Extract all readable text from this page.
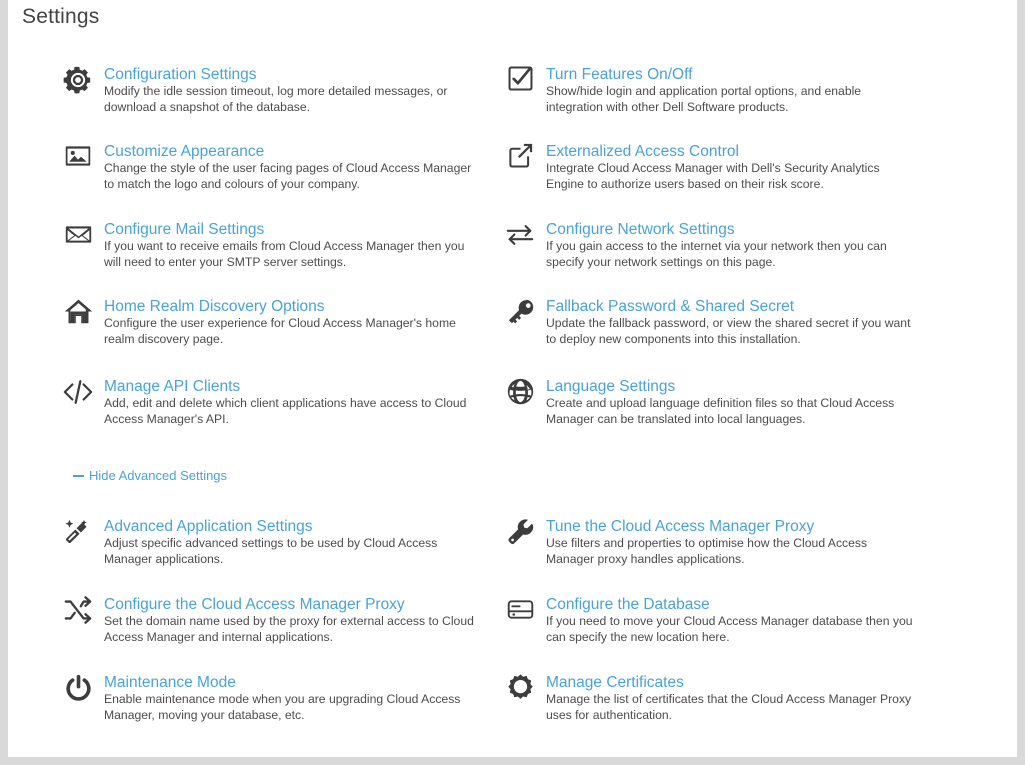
Settings
Configuration Settings
Modify the idle session timeout, log more detailed messages, or download a snapshot of the database.
Turn Features On/Off
Show/hide login and application portal options, and enable integration with other Dell Software products.
Customize Appearance
Change the style of the user facing pages of Cloud Access Manager to match the logo and colours of your company.
Externalized Access Control
Integrate Cloud Access Manager with Dell's Security Analytics Engine to authorize users based on their risk score.
Configure Mail Settings
If you want to receive emails from Cloud Access Manager then you will need to enter your SMTP server settings.
Configure Network Settings
If you gain access to the internet via your network then you can specify your network settings on this page.
Home Realm Discovery Options
Configure the user experience for Cloud Access Manager's home realm discovery page.
Fallback Password & Shared Secret
Update the fallback password, or view the shared secret if you want to deploy new components into this installation.
Manage API Clients
Add, edit and delete which client applications have access to Cloud Access Manager's API.
Language Settings
Create and upload language definition files so that Cloud Access Manager can be translated into local languages.
Hide Advanced Settings
Advanced Application Settings
Adjust specific advanced settings to be used by Cloud Access Manager applications.
Tune the Cloud Access Manager Proxy
Use filters and properties to optimise how the Cloud Access Manager proxy handles applications.
Configure the Cloud Access Manager Proxy
Set the domain name used by the proxy for external access to Cloud Access Manager and internal applications.
Configure the Database
If you need to move your Cloud Access Manager database then you can specify the new location here.
Maintenance Mode
Enable maintenance mode when you are upgrading Cloud Access Manager, moving your database, etc.
Manage Certificates
Manage the list of certificates that the Cloud Access Manager Proxy uses for authentication.
